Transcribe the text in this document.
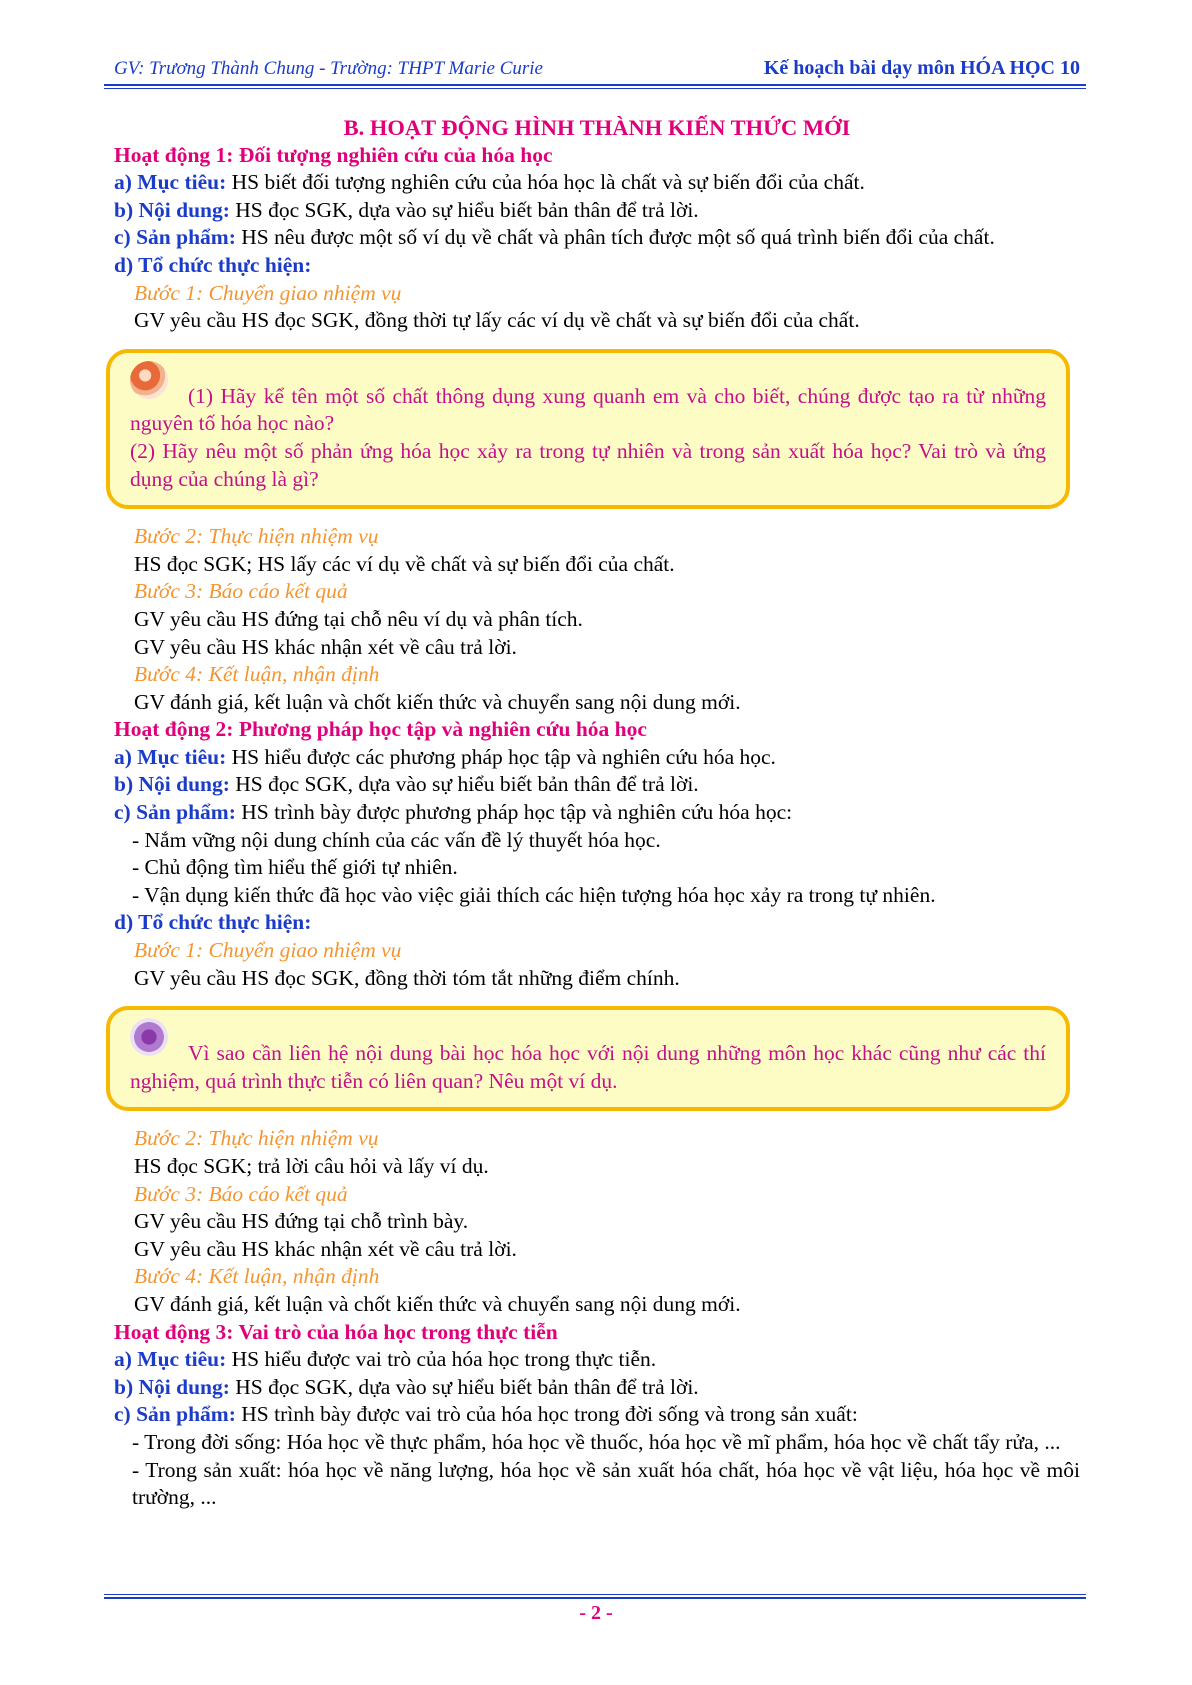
GV: Trương Thành Chung - Trường: THPT Marie Curie	Kế hoạch bài dạy môn HÓA HỌC 10
B. HOẠT ĐỘNG HÌNH THÀNH KIẾN THỨC MỚI
Hoạt động 1: Đối tượng nghiên cứu của hóa học
a) Mục tiêu: HS biết đối tượng nghiên cứu của hóa học là chất và sự biến đổi của chất.
b) Nội dung: HS đọc SGK, dựa vào sự hiểu biết bản thân để trả lời.
c) Sản phẩm: HS nêu được một số ví dụ về chất và phân tích được một số quá trình biến đổi của chất.
d) Tổ chức thực hiện:
Bước 1: Chuyển giao nhiệm vụ
GV yêu cầu HS đọc SGK, đồng thời tự lấy các ví dụ về chất và sự biến đổi của chất.
(1) Hãy kể tên một số chất thông dụng xung quanh em và cho biết, chúng được tạo ra từ những nguyên tố hóa học nào?
(2) Hãy nêu một số phản ứng hóa học xảy ra trong tự nhiên và trong sản xuất hóa học? Vai trò và ứng dụng của chúng là gì?
Bước 2: Thực hiện nhiệm vụ
HS đọc SGK; HS lấy các ví dụ về chất và sự biến đổi của chất.
Bước 3: Báo cáo kết quả
GV yêu cầu HS đứng tại chỗ nêu ví dụ và phân tích.
GV yêu cầu HS khác nhận xét về câu trả lời.
Bước 4: Kết luận, nhận định
GV đánh giá, kết luận và chốt kiến thức và chuyển sang nội dung mới.
Hoạt động 2: Phương pháp học tập và nghiên cứu hóa học
a) Mục tiêu: HS hiểu được các phương pháp học tập và nghiên cứu hóa học.
b) Nội dung: HS đọc SGK, dựa vào sự hiểu biết bản thân để trả lời.
c) Sản phẩm: HS trình bày được phương pháp học tập và nghiên cứu hóa học:
- Nắm vững nội dung chính của các vấn đề lý thuyết hóa học.
- Chủ động tìm hiểu thế giới tự nhiên.
- Vận dụng kiến thức đã học vào việc giải thích các hiện tượng hóa học xảy ra trong tự nhiên.
d) Tổ chức thực hiện:
Bước 1: Chuyển giao nhiệm vụ
GV yêu cầu HS đọc SGK, đồng thời tóm tắt những điểm chính.
Vì sao cần liên hệ nội dung bài học hóa học với nội dung những môn học khác cũng như các thí nghiệm, quá trình thực tiễn có liên quan? Nêu một ví dụ.
Bước 2: Thực hiện nhiệm vụ
HS đọc SGK; trả lời câu hỏi và lấy ví dụ.
Bước 3: Báo cáo kết quả
GV yêu cầu HS đứng tại chỗ trình bày.
GV yêu cầu HS khác nhận xét về câu trả lời.
Bước 4: Kết luận, nhận định
GV đánh giá, kết luận và chốt kiến thức và chuyển sang nội dung mới.
Hoạt động 3: Vai trò của hóa học trong thực tiễn
a) Mục tiêu: HS hiểu được vai trò của hóa học trong thực tiễn.
b) Nội dung: HS đọc SGK, dựa vào sự hiểu biết bản thân để trả lời.
c) Sản phẩm: HS trình bày được vai trò của hóa học trong đời sống và trong sản xuất:
- Trong đời sống: Hóa học về thực phẩm, hóa học về thuốc, hóa học về mĩ phẩm, hóa học về chất tẩy rửa, ...
- Trong sản xuất: hóa học về năng lượng, hóa học về sản xuất hóa chất, hóa học về vật liệu, hóa học về môi trường, ...
- 2 -
